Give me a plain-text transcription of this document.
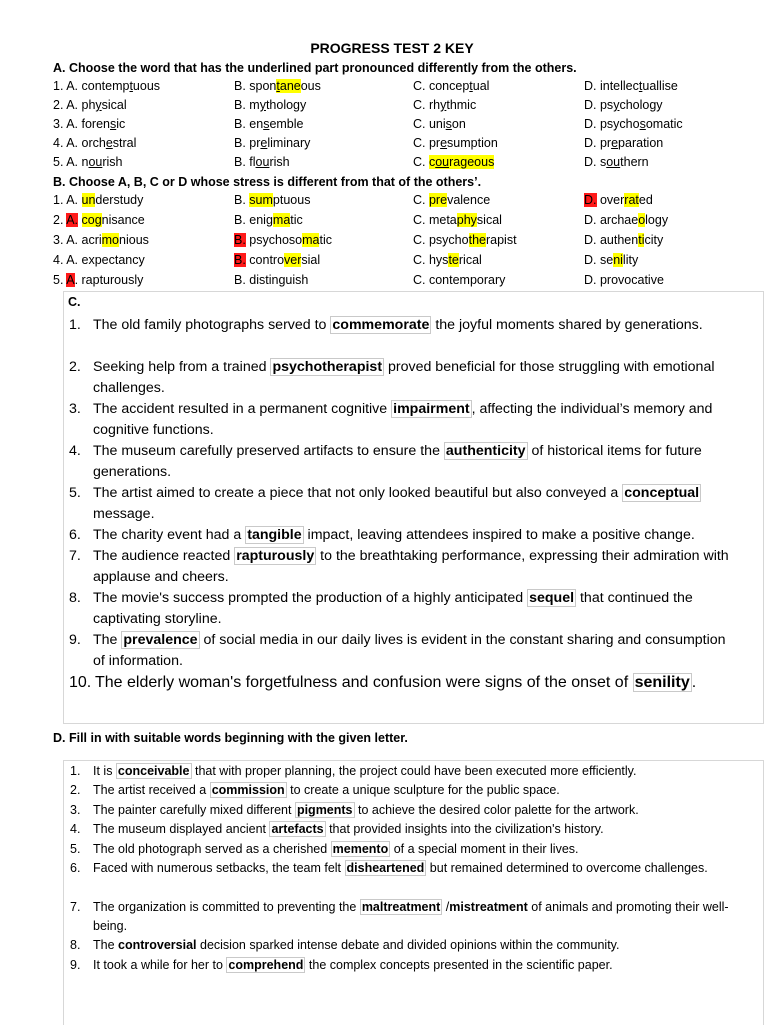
PROGRESS TEST 2 KEY
A. Choose the word that has the underlined part pronounced differently from the others.
1. A. contemptuous	B. spontaneous	C. conceptual	D. intellectuallise
2. A. physical	B. mythology	C. rhythmic	D. psychology
3. A. forensic	B. ensemble	C. unison	D. psychosomatic
4. A. orchestral	B. preliminary	C. presumption	D. preparation
5. A. nourish	B. flourish	C. courageous	D. southern
B. Choose A, B, C or D whose stress is different from that of the others’.
1. A. understudy	B. sumptuous	C. prevalence	D. overrated
2. A. cognisance	B. enigmatic	C. metaphysical	D. archaeology
3. A. acrimonious	B. psychosomatic	C. psychotherapist	D. authenticity
4. A. expectancy	B. controversial	C. hysterical	D. senility
5. A. rapturously	B. distinguish	C. contemporary	D. provocative
C.
1. The old family photographs served to commemorate the joyful moments shared by generations.
2. Seeking help from a trained psychotherapist proved beneficial for those struggling with emotional challenges.
3. The accident resulted in a permanent cognitive impairment , affecting the individual’s memory and cognitive functions.
4. The museum carefully preserved artifacts to ensure the authenticity of historical items for future generations.
5. The artist aimed to create a piece that not only looked beautiful but also conveyed a conceptual message.
6. The charity event had a tangible impact, leaving attendees inspired to make a positive change.
7. The audience reacted rapturously to the breathtaking performance, expressing their admiration with applause and cheers.
8. The movie's success prompted the production of a highly anticipated sequel that continued the captivating storyline.
9. The prevalence of social media in our daily lives is evident in the constant sharing and consumption of information.
10. The elderly woman's forgetfulness and confusion were signs of the onset of senility .
D. Fill in with suitable words beginning with the given letter.
1.	It is conceivable that with proper planning, the project could have been executed more efficiently.
2.	The artist received a commission to create a unique sculpture for the public space.
3.	The painter carefully mixed different pigments to achieve the desired color palette for the artwork.
4.	The museum displayed ancient artefacts that provided insights into the civilization's history.
5.	The old photograph served as a cherished memento of a special moment in their lives.
6.	Faced with numerous setbacks, the team felt disheartened but remained determined to overcome challenges.
7.	The organization is committed to preventing the maltreatment /mistreatment of animals and promoting their well-being.
8.	The controversial decision sparked intense debate and divided opinions within the community.
9.	It took a while for her to comprehend the complex concepts presented in the scientific paper.
